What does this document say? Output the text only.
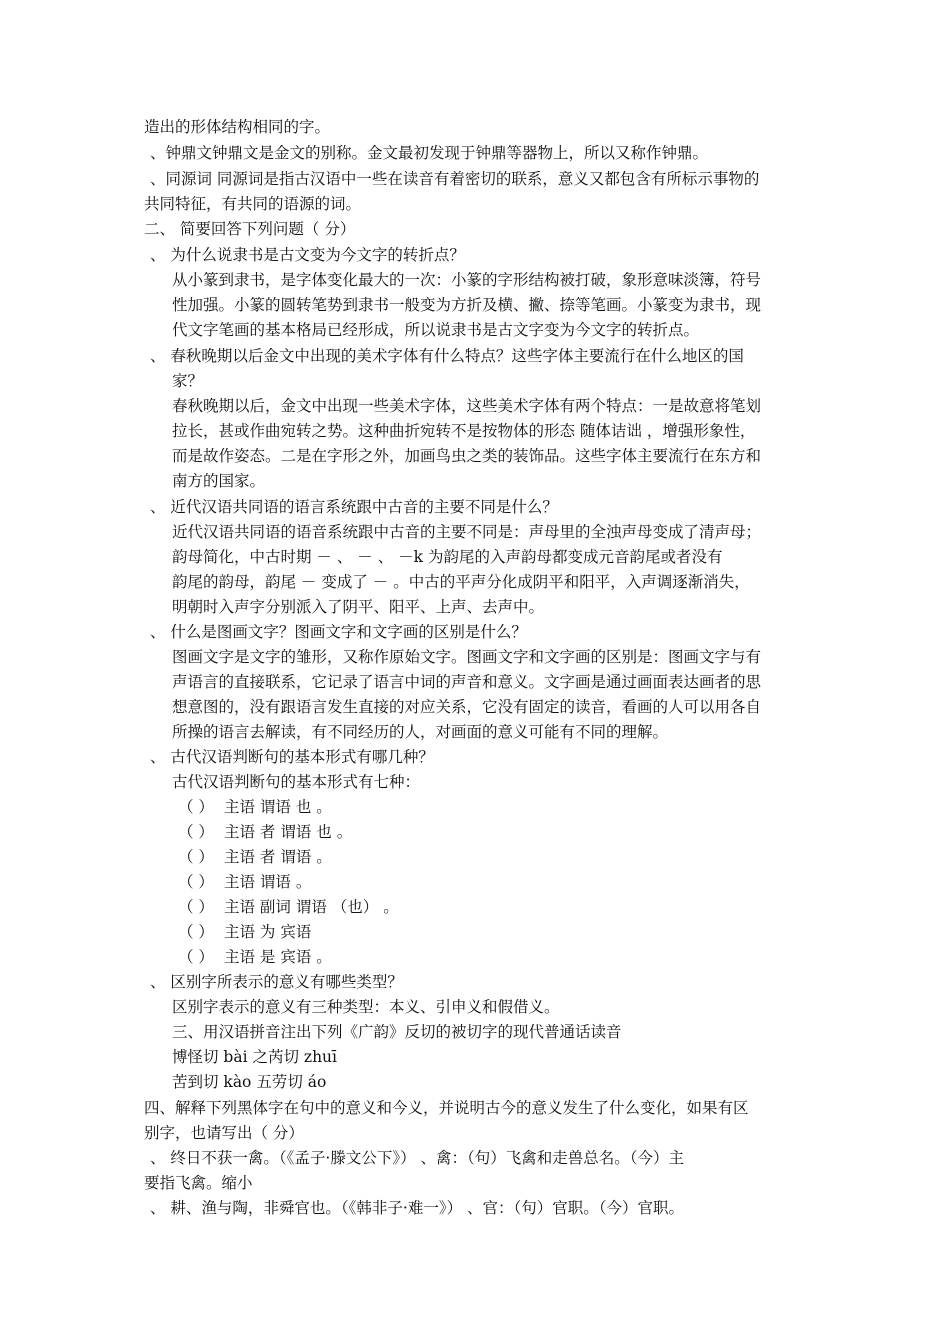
造出的形体结构相同的字。
、钟鼎文钟鼎文是金文的别称。金文最初发现于钟鼎等器物上，所以又称作钟鼎。
、同源词 同源词是指古汉语中一些在读音有着密切的联系，意义又都包含有所标示事物的
共同特征，有共同的语源的词。
二、 简要回答下列问题（ 分）
、 为什么说隶书是古文变为今文字的转折点？
从小篆到隶书，是字体变化最大的一次：小篆的字形结构被打破，象形意味淡簿，符号
性加强。小篆的圆转笔势到隶书一般变为方折及横、撇、捺等笔画。小篆变为隶书，现
代文字笔画的基本格局已经形成，所以说隶书是古文字变为今文字的转折点。
、 春秋晚期以后金文中出现的美术字体有什么特点？这些字体主要流行在什么地区的国
家？
春秋晚期以后，金文中出现一些美术字体，这些美术字体有两个特点：一是故意将笔划
拉长，甚或作曲宛转之势。这种曲折宛转不是按物体的形态 随体诘诎 ，增强形象性，
而是故作姿态。二是在字形之外，加画鸟虫之类的装饰品。这些字体主要流行在东方和
南方的国家。
、 近代汉语共同语的语言系统跟中古音的主要不同是什么？
近代汉语共同语的语音系统跟中古音的主要不同是：声母里的全浊声母变成了清声母；
韵母简化，中古时期 － 、 － 、 －k 为韵尾的入声韵母都变成元音韵尾或者没有
韵尾的韵母，韵尾 － 变成了 － 。中古的平声分化成阴平和阳平，入声调逐渐消失，
明朝时入声字分别派入了阴平、阳平、上声、去声中。
、 什么是图画文字？图画文字和文字画的区别是什么？
图画文字是文字的雏形，又称作原始文字。图画文字和文字画的区别是：图画文字与有
声语言的直接联系，它记录了语言中词的声音和意义。文字画是通过画面表达画者的思
想意图的，没有跟语言发生直接的对应关系，它没有固定的读音，看画的人可以用各自
所操的语言去解读，有不同经历的人，对画面的意义可能有不同的理解。
、 古代汉语判断句的基本形式有哪几种？
古代汉语判断句的基本形式有七种：
（ ） 主语 谓语 也 。
（ ） 主语 者 谓语 也 。
（ ） 主语 者 谓语 。
（ ） 主语 谓语 。
（ ） 主语 副词 谓语 （也） 。
（ ） 主语 为 宾语
（ ） 主语 是 宾语 。
、 区别字所表示的意义有哪些类型？
区别字表示的意义有三种类型：本义、引申义和假借义。
三、用汉语拼音注出下列《广韵》反切的被切字的现代普通话读音
博怪切 bài 之芮切 zhuī
苦到切 kào 五劳切 áo
四、解释下列黑体字在句中的意义和今义，并说明古今的意义发生了什么变化，如果有区
别字，也请写出（ 分）
、 终日不获一禽。（《孟子·滕文公下》） 、禽：（句）飞禽和走兽总名。（今）主
要指飞禽。缩小
、 耕、渔与陶，非舜官也。（《韩非子·难一》） 、官：（句）官职。（今）官职。
